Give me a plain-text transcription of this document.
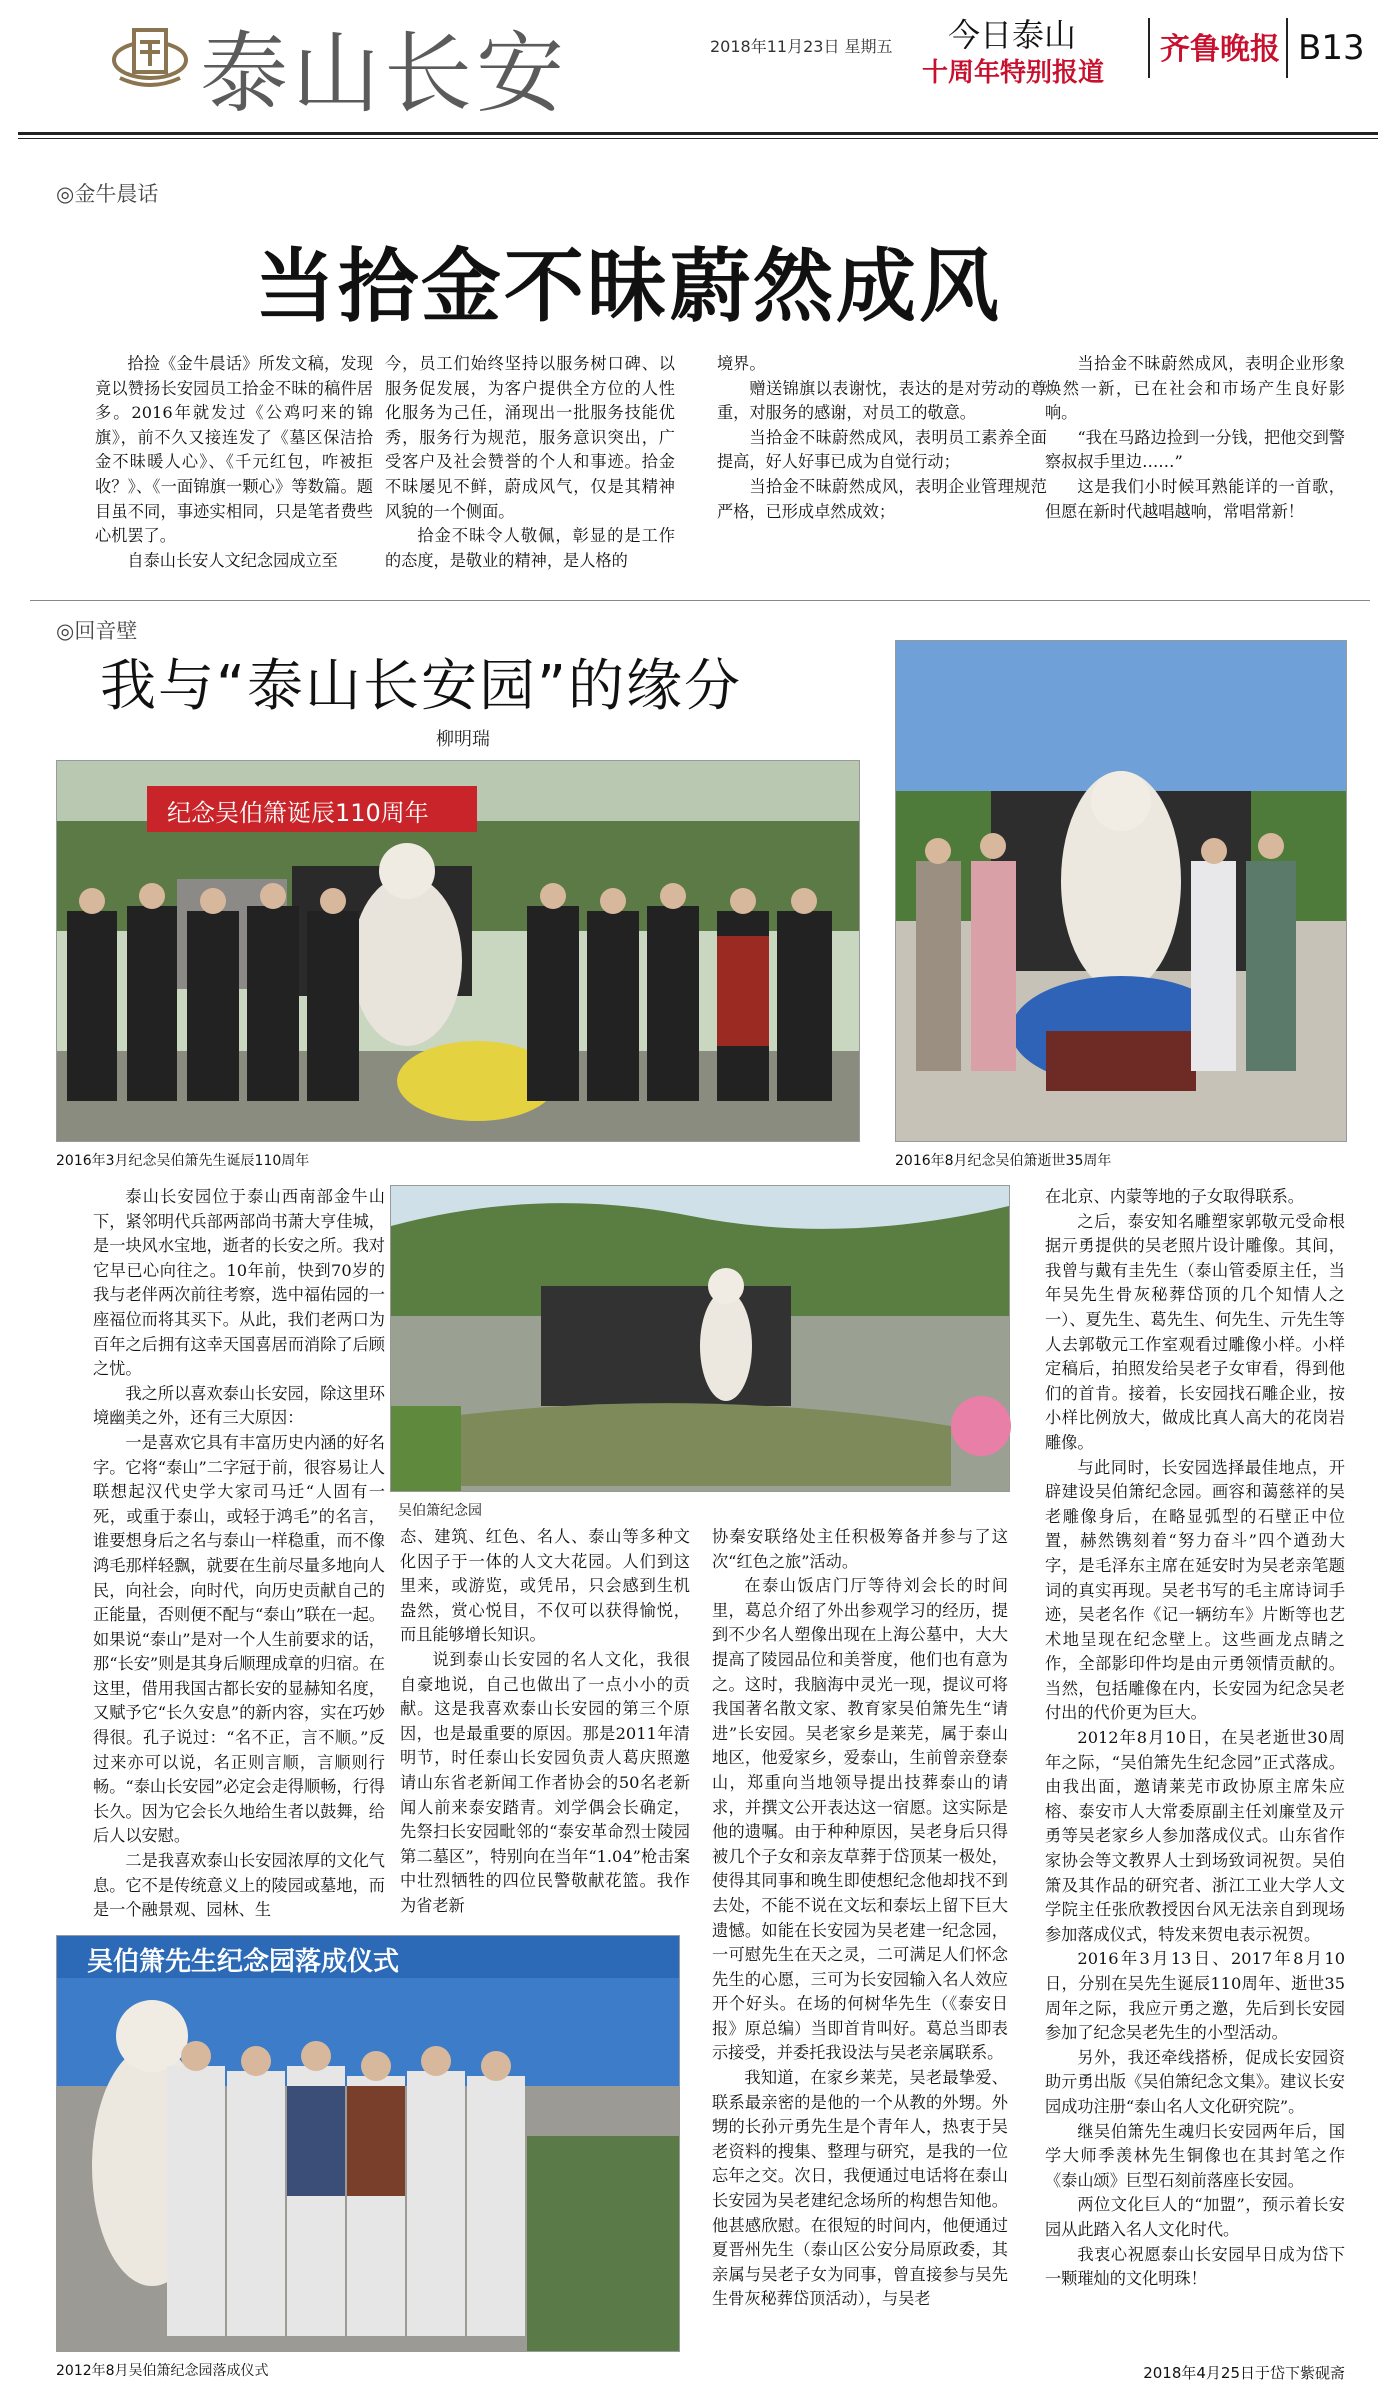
泰山长安	2018年11月23日 星期五 今日泰山
十周年特别报道
齐鲁晚报 B13
◎金牛晨话
当拾金不昧蔚然成风

拾捡《金牛晨话》所发文稿，发现竟以赞扬长安园员工拾金不昧的稿件居多。2016年就发过《公鸡叼来的锦旗》，前不久又接连发了《墓区保洁拾金不昧暖人心》、《千元红包，咋被拒收？》、《一面锦旗一颗心》等数篇。题目虽不同，事迹实相同，只是笔者费些心机罢了。

自泰山长安人文纪念园成立至

今，员工们始终坚持以服务树口碑、以服务促发展，为客户提供全方位的人性化服务为己任，涌现出一批服务技能优秀，服务行为规范，服务意识突出，广受客户及社会赞誉的个人和事迹。拾金不昧屡见不鲜，蔚成风气，仅是其精神风貌的一个侧面。

拾金不昧令人敬佩，彰显的是工作的态度，是敬业的精神，是人格的

境界。

赠送锦旗以表谢忱，表达的是对劳动的尊重，对服务的感谢，对员工的敬意。

当拾金不昧蔚然成风，表明员工素养全面提高，好人好事已成为自觉行动；

当拾金不昧蔚然成风，表明企业管理规范严格，已形成卓然成效；

当拾金不昧蔚然成风，表明企业形象焕然一新，已在社会和市场产生良好影响。

“我在马路边捡到一分钱，把他交到警察叔叔手里边……”

这是我们小时候耳熟能详的一首歌，但愿在新时代越唱越响，常唱常新！

◎回音壁
我与“泰山长安园”的缘分
柳明瑞
纪念吴伯箫诞辰110周年
2016年3月纪念吴伯箫先生诞辰110周年	2016年8月纪念吴伯箫逝世35周年

泰山长安园位于泰山西南部金牛山下，紧邻明代兵部两部尚书萧大亨佳城，是一块风水宝地，逝者的长安之所。我对它早已心向往之。10年前，快到70岁的我与老伴两次前往考察，选中福佑园的一座福位而将其买下。从此，我们老两口为百年之后拥有这幸天国喜居而消除了后顾之忧。

我之所以喜欢泰山长安园，除这里环境幽美之外，还有三大原因：

一是喜欢它具有丰富历史内涵的好名字。它将“泰山”二字冠于前，很容易让人联想起汉代史学大家司马迁“人固有一死，或重于泰山，或轻于鸿毛”的名言，谁要想身后之名与泰山一样稳重，而不像鸿毛那样轻飘，就要在生前尽量多地向人民，向社会，向时代，向历史贡献自己的正能量，否则便不配与“泰山”联在一起。如果说“泰山”是对一个人生前要求的话，那“长安”则是其身后顺理成章的归宿。在这里，借用我国古都长安的显赫知名度，又赋予它“长久安息”的新内容，实在巧妙得很。孔子说过：“名不正，言不顺。”反过来亦可以说，名正则言顺，言顺则行畅。“泰山长安园”必定会走得顺畅，行得长久。因为它会长久地给生者以鼓舞，给后人以安慰。

二是我喜欢泰山长安园浓厚的文化气息。它不是传统意义上的陵园或墓地，而是一个融景观、园林、生

吴伯箫纪念园

态、建筑、红色、名人、泰山等多种文化因子于一体的人文大花园。人们到这里来，或游览，或凭吊，只会感到生机盎然，赏心悦目，不仅可以获得愉悦，而且能够增长知识。

说到泰山长安园的名人文化，我很自豪地说，自己也做出了一点小小的贡献。这是我喜欢泰山长安园的第三个原因，也是最重要的原因。那是2011年清明节，时任泰山长安园负责人葛庆照邀请山东省老新闻工作者协会的50名老新闻人前来泰安踏青。刘学偶会长确定，先祭扫长安园毗邻的“泰安革命烈士陵园第二墓区”，特别向在当年“1.04”枪击案中壮烈牺牲的四位民警敬献花篮。我作为省老新

协秦安联络处主任积极筹备并参与了这次“红色之旅”活动。

在泰山饭店门厅等待刘会长的时间里，葛总介绍了外出参观学习的经历，提到不少名人塑像出现在上海公墓中，大大提高了陵园品位和美誉度，他们也有意为之。这时，我脑海中灵光一现，提议可将我国著名散文家、教育家吴伯箫先生“请进”长安园。吴老家乡是莱芜，属于泰山地区，他爱家乡，爱泰山，生前曾亲登泰山，郑重向当地领导提出技葬泰山的请求，并撰文公开表达这一宿愿。这实际是他的遗嘱。由于种种原因，吴老身后只得被几个子女和亲友草葬于岱顶某一极处，使得其同事和晚生即使想纪念他却找不到去处，不能不说在文坛和泰坛上留下巨大遗憾。如能在长安园为吴老建一纪念园，一可慰先生在天之灵，二可满足人们怀念先生的心愿，三可为长安园输入名人效应开个好头。在场的何树华先生（《泰安日报》原总编）当即首肯叫好。葛总当即表示接受，并委托我设法与吴老亲属联系。

我知道，在家乡莱芜，吴老最挚爱、联系最亲密的是他的一个从教的外甥。外甥的长孙亓勇先生是个青年人，热衷于吴老资料的搜集、整理与研究，是我的一位忘年之交。次日，我便通过电话将在泰山长安园为吴老建纪念场所的构想告知他。他甚感欣慰。在很短的时间内，他便通过夏晋州先生（泰山区公安分局原政委，其亲属与吴老子女为同事，曾直接参与吴先生骨灰秘葬岱顶活动），与吴老

在北京、内蒙等地的子女取得联系。

之后，泰安知名雕塑家郭敬元受命根据亓勇提供的吴老照片设计雕像。其间，我曾与戴有圭先生（泰山管委原主任，当年吴先生骨灰秘葬岱顶的几个知情人之一）、夏先生、葛先生、何先生、亓先生等人去郭敬元工作室观看过雕像小样。小样定稿后，拍照发给吴老子女审看，得到他们的首肯。接着，长安园找石雕企业，按小样比例放大，做成比真人高大的花岗岩雕像。

与此同时，长安园选择最佳地点，开辟建设吴伯箫纪念园。画容和蔼慈祥的吴老雕像身后，在略显弧型的石壁正中位置，赫然镌刻着“努力奋斗”四个遒劲大字，是毛泽东主席在延安时为吴老亲笔题词的真实再现。吴老书写的毛主席诗词手迹，吴老名作《记一辆纺车》片断等也艺术地呈现在纪念壁上。这些画龙点睛之作，全部影印件均是由亓勇领情贡献的。当然，包括雕像在内，长安园为纪念吴老付出的代价更为巨大。

2012年8月10日，在吴老逝世30周年之际，“吴伯箫先生纪念园”正式落成。由我出面，邀请莱芜市政协原主席朱应榕、泰安市人大常委原副主任刘廉堂及亓勇等吴老家乡人参加落成仪式。山东省作家协会等文教界人士到场致词祝贺。吴伯箫及其作品的研究者、浙江工业大学人文学院主任张欣教授因台风无法亲自到现场参加落成仪式，特发来贺电表示祝贺。

2016年3月13日、2017年8月10日，分别在吴先生诞辰110周年、逝世35周年之际，我应亓勇之邀，先后到长安园参加了纪念吴老先生的小型活动。

另外，我还牵线搭桥，促成长安园资助亓勇出版《吴伯箫纪念文集》。建议长安园成功注册“泰山名人文化研究院”。

继吴伯箫先生魂归长安园两年后，国学大师季羡林先生铜像也在其封笔之作《泰山颂》巨型石刻前落座长安园。

两位文化巨人的“加盟”，预示着长安园从此踏入名人文化时代。

我衷心祝愿泰山长安园早日成为岱下一颗璀灿的文化明珠！

2018年4月25日于岱下紫砚斋
吴伯箫先生纪念园落成仪式
2012年8月吴伯箫纪念园落成仪式
